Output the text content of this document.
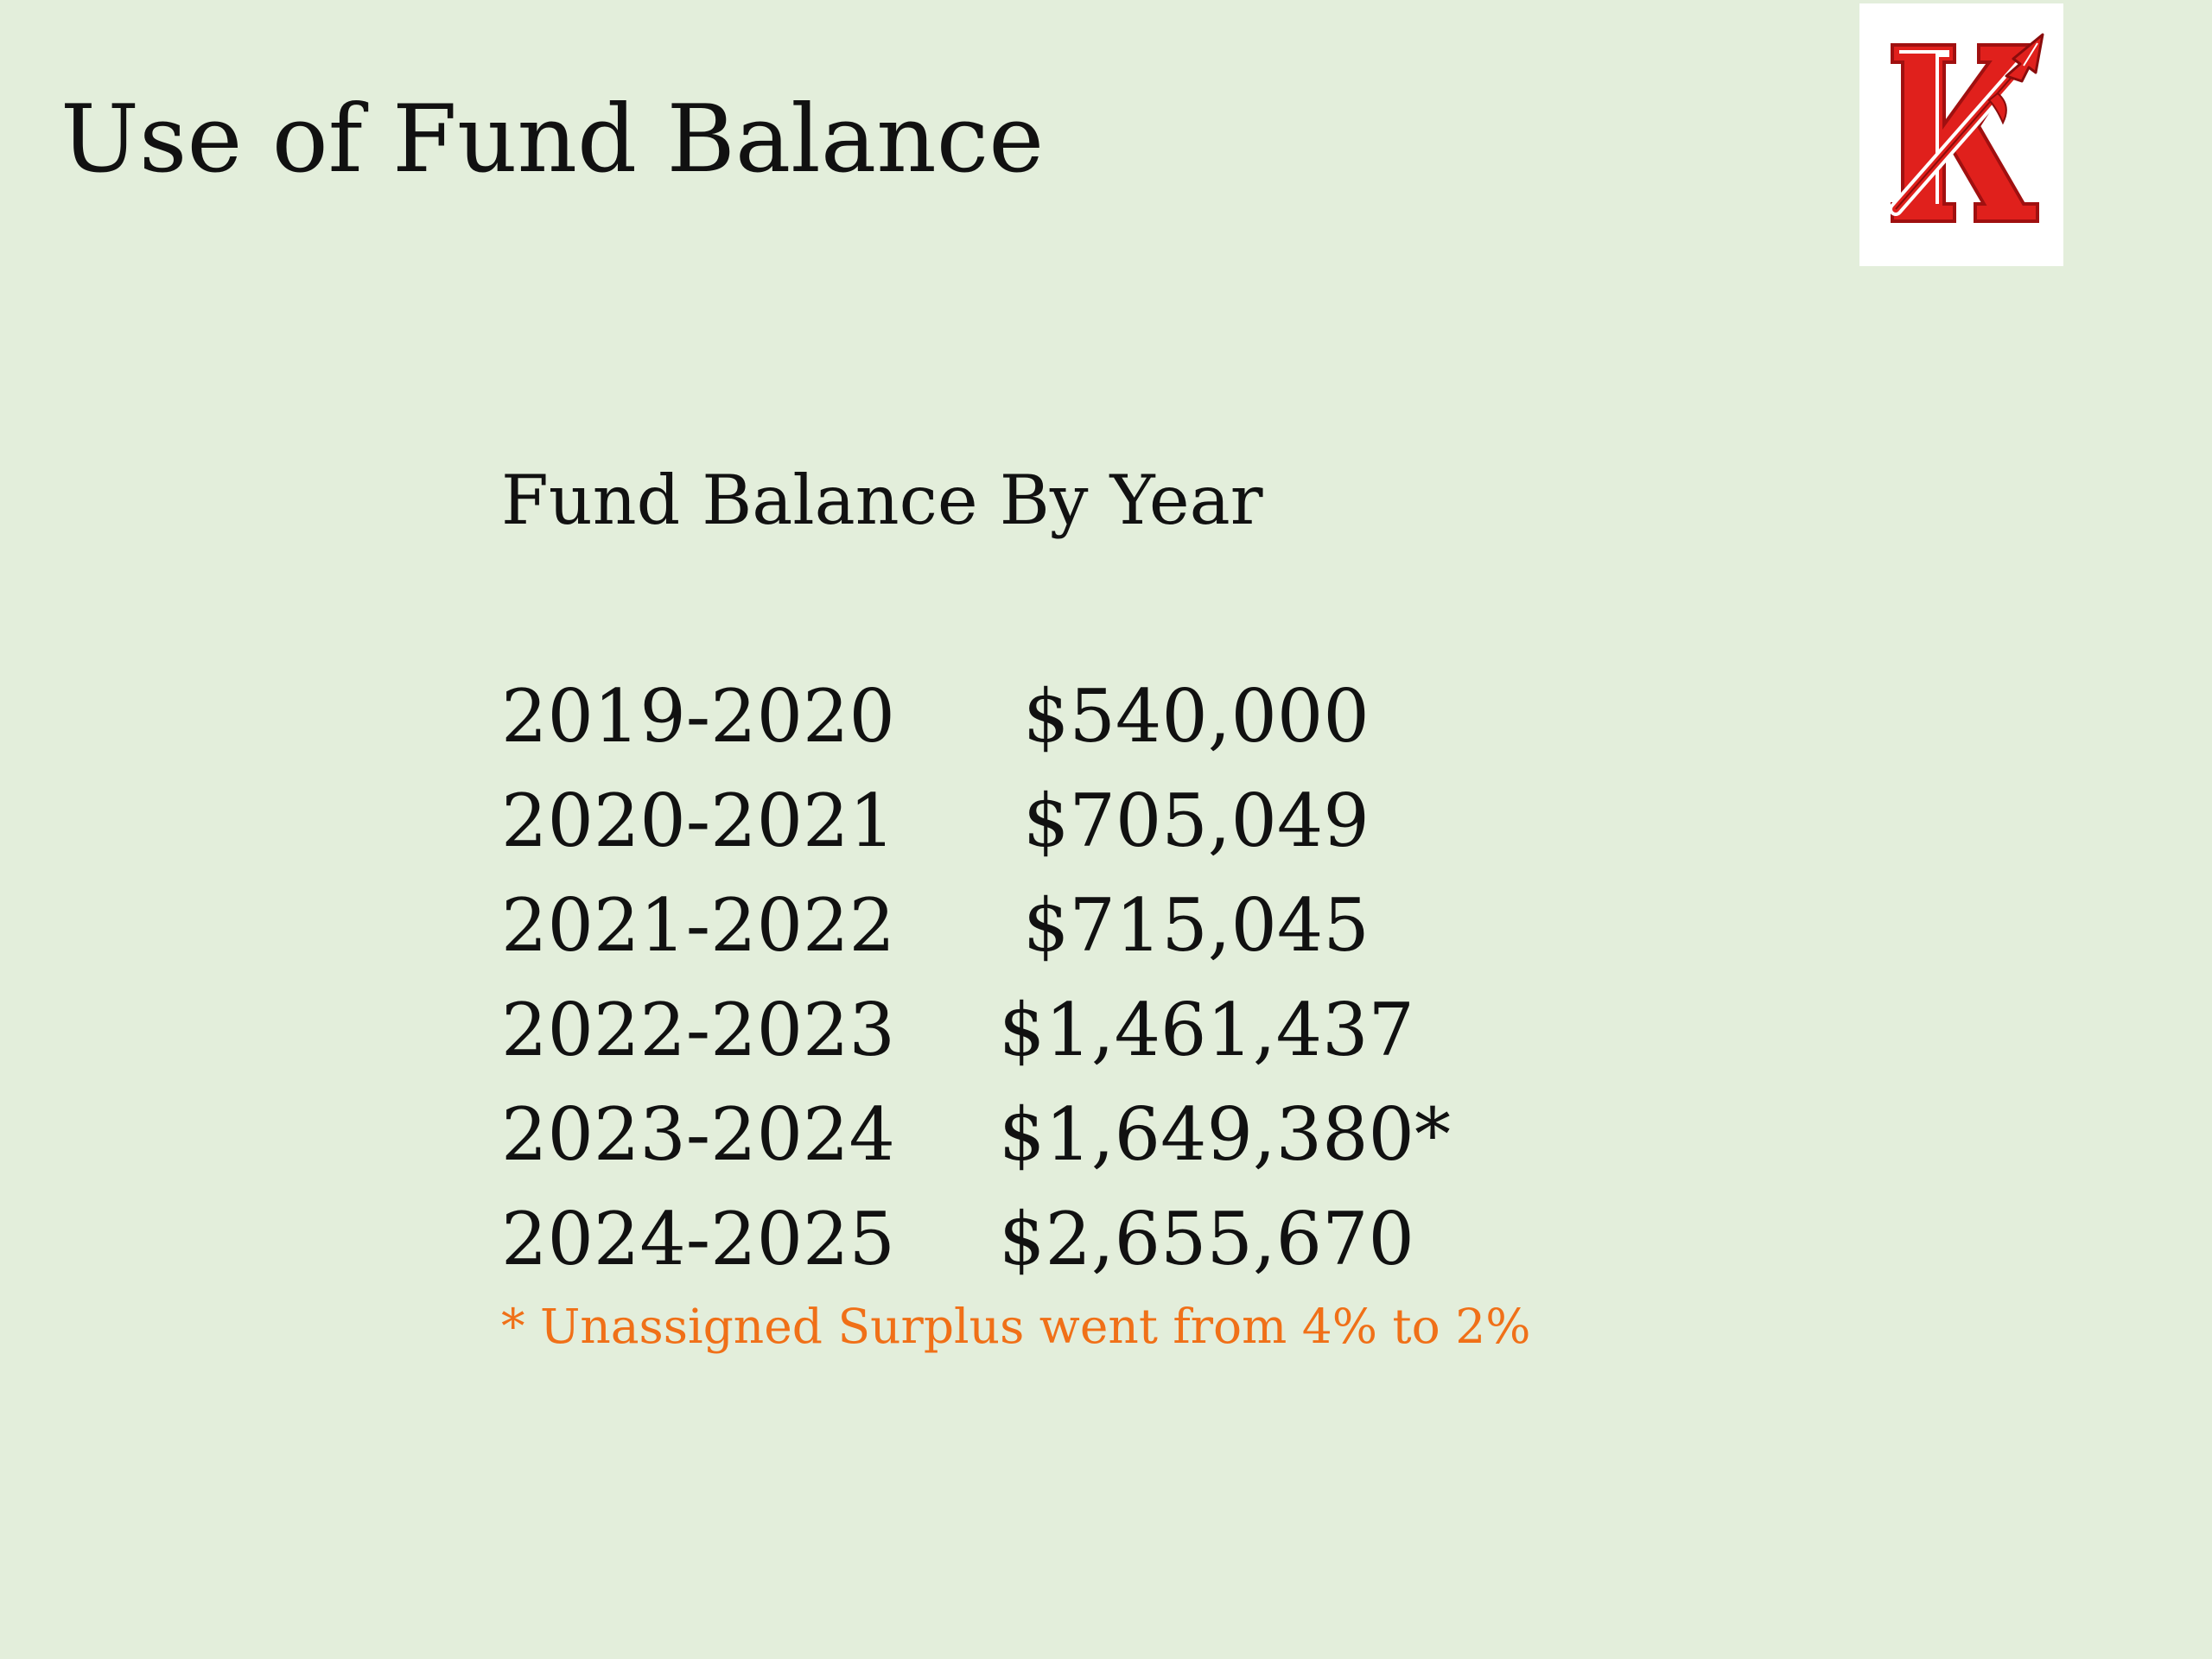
Use of Fund Balance
Fund Balance By Year
2019-2020 $540,000
2020-2021 $705,049
2021-2022 $715,045
2022-2023 $1,461,437
2023-2024 $1,649,380*
2024-2025 $2,655,670

* Unassigned Surplus went from 4% to 2%
